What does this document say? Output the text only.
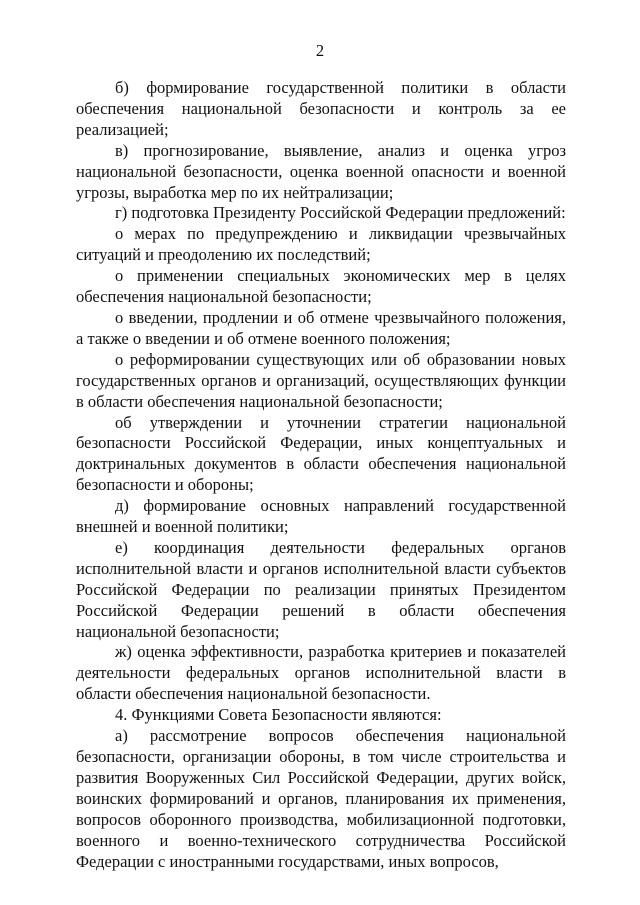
2

б) формирование государственной политики в области обеспечения национальной безопасности и контроль за ее реализацией;

в) прогнозирование, выявление, анализ и оценка угроз национальной безопасности, оценка военной опасности и военной угрозы, выработка мер по их нейтрализации;

г) подготовка Президенту Российской Федерации предложений:

о мерах по предупреждению и ликвидации чрезвычайных ситуаций и преодолению их последствий;

о применении специальных экономических мер в целях обеспечения национальной безопасности;

о введении, продлении и об отмене чрезвычайного положения, а также о введении и об отмене военного положения;

о реформировании существующих или об образовании новых государственных органов и организаций, осуществляющих функции в области обеспечения национальной безопасности;

об утверждении и уточнении стратегии национальной безопасности Российской Федерации, иных концептуальных и доктринальных документов в области обеспечения национальной безопасности и обороны;

д) формирование основных направлений государственной внешней и военной политики;

е) координация деятельности федеральных органов исполнительной власти и органов исполнительной власти субъектов Российской Федерации по реализации принятых Президентом Российской Федерации решений в области обеспечения национальной безопасности;

ж) оценка эффективности, разработка критериев и показателей деятельности федеральных органов исполнительной власти в области обеспечения национальной безопасности.

4. Функциями Совета Безопасности являются:

а) рассмотрение вопросов обеспечения национальной безопасности, организации обороны, в том числе строительства и развития Вооруженных Сил Российской Федерации, других войск, воинских формирований и органов, планирования их применения, вопросов оборонного производства, мобилизационной подготовки, военного и военно-технического сотрудничества Российской Федерации с иностранными государствами, иных вопросов,
